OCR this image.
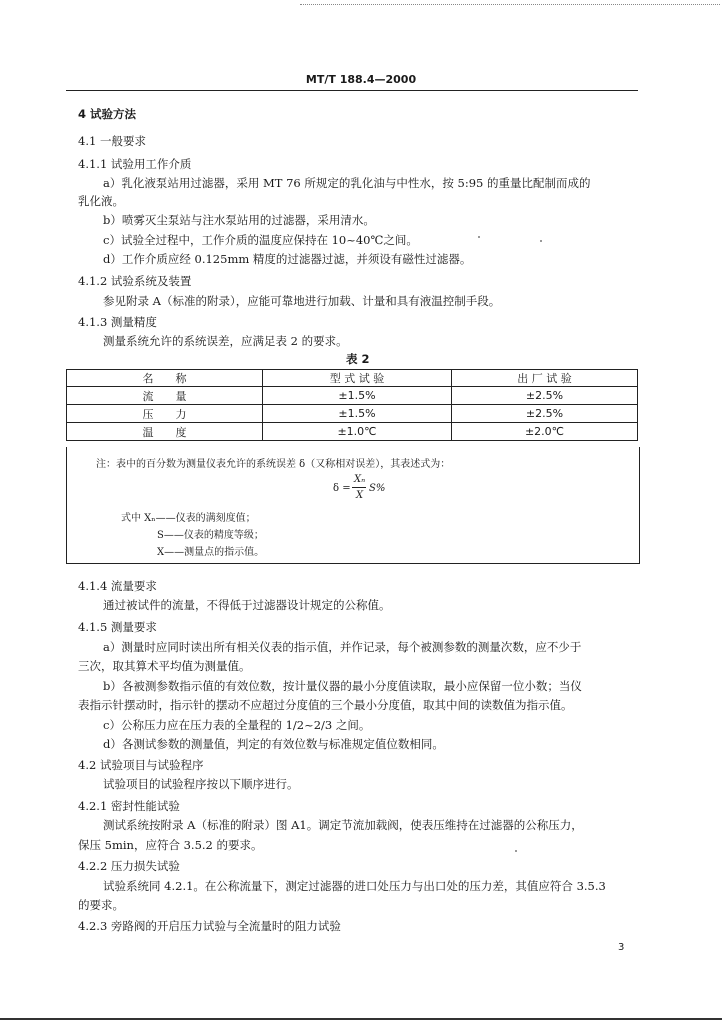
MT/T 188.4—2000
4 试验方法
4.1 一般要求
4.1.1 试验用工作介质
a）乳化液泵站用过滤器，采用 MT 76 所规定的乳化油与中性水，按 5:95 的重量比配制而成的
乳化液。
b）喷雾灭尘泵站与注水泵站用的过滤器，采用清水。
c）试验全过程中，工作介质的温度应保持在 10~40℃之间。
d）工作介质应经 0.125mm 精度的过滤器过滤，并须设有磁性过滤器。
4.1.2 试验系统及装置
参见附录 A（标准的附录），应能可靠地进行加载、计量和具有液温控制手段。
4.1.3 测量精度
测量系统允许的系统误差，应满足表 2 的要求。
表 2
名　　称	型 式 试 验	出 厂 试 验
流　　量	±1.5%	±2.5%
压　　力	±1.5%	±2.5%
温　　度	±1.0℃	±2.0℃
注：表中的百分数为测量仪表允许的系统误差 δ（又称相对误差），其表述式为：
δ =
Xₙ
X
S%
式中 Xₙ——仪表的满刻度值；
S——仪表的精度等级；
X——测量点的指示值。
4.1.4 流量要求
通过被试件的流量，不得低于过滤器设计规定的公称值。
4.1.5 测量要求
a）测量时应同时读出所有相关仪表的指示值，并作记录，每个被测参数的测量次数，应不少于
三次，取其算术平均值为测量值。
b）各被测参数指示值的有效位数，按计量仪器的最小分度值读取，最小应保留一位小数；当仪
表指示针摆动时，指示针的摆动不应超过分度值的三个最小分度值，取其中间的读数值为指示值。
c）公称压力应在压力表的全量程的 1/2~2/3 之间。
d）各测试参数的测量值，判定的有效位数与标准规定值位数相同。
4.2 试验项目与试验程序
试验项目的试验程序按以下顺序进行。
4.2.1 密封性能试验
测试系统按附录 A（标准的附录）图 A1。调定节流加载阀，使表压维持在过滤器的公称压力，
保压 5min，应符合 3.5.2 的要求。
4.2.2 压力损失试验
试验系统同 4.2.1。在公称流量下，测定过滤器的进口处压力与出口处的压力差，其值应符合 3.5.3
的要求。
4.2.3 旁路阀的开启压力试验与全流量时的阻力试验
3
